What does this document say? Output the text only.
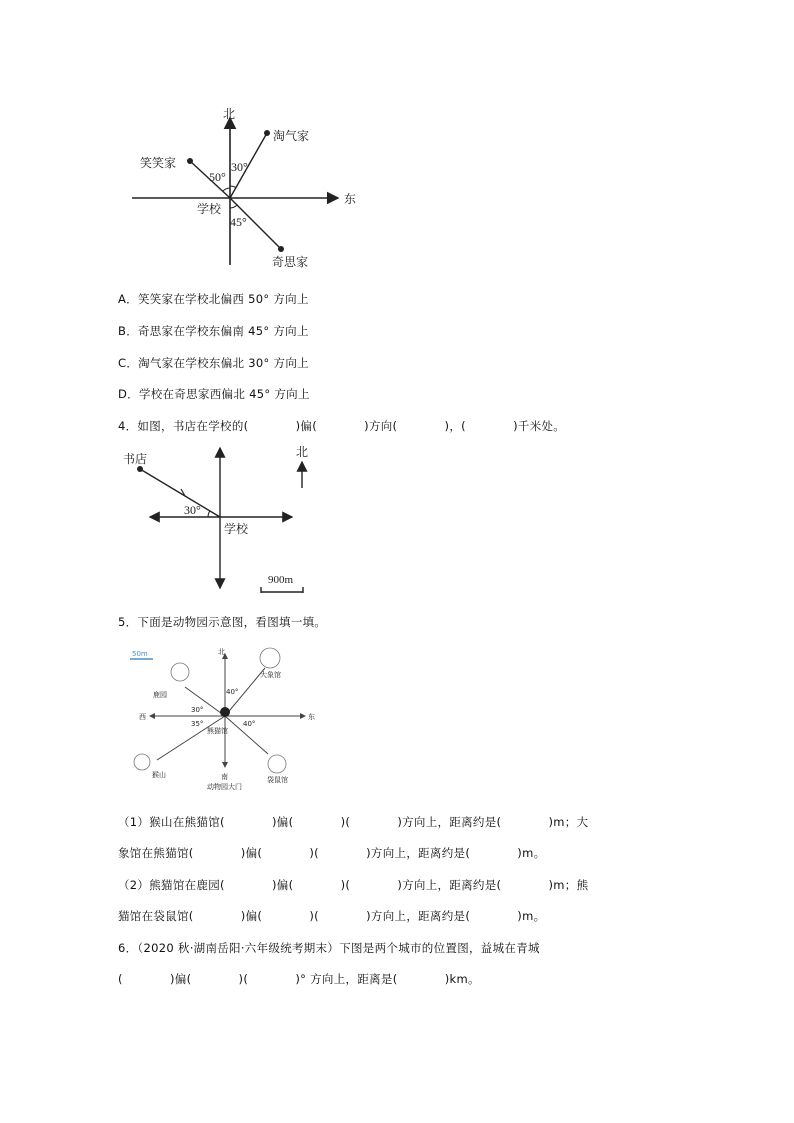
北
东
淘气家
笑笑家
奇思家
学校
30°
50°
45°
A．笑笑家在学校北偏西 50° 方向上
B．奇思家在学校东偏南 45° 方向上
C．淘气家在学校东偏北 30° 方向上
D．学校在奇思家西偏北 45° 方向上
4．如图，书店在学校的(　　　　)偏(　　　　)方向(　　　　)，(　　　　)千米处。
书店
学校
北
30°
900m
5．下面是动物园示意图，看图填一填。
50m	北
西	东
南
动物园大门
鹿园
大象馆
熊猫馆
猴山
袋鼠馆
40°
30°
35°	40°
（1）猴山在熊猫馆(　　　　)偏(　　　　)(　　　　)方向上，距离约是(　　　　)m；大
象馆在熊猫馆(　　　　)偏(　　　　)(　　　　)方向上，距离约是(　　　　)m。
（2）熊猫馆在鹿园(　　　　)偏(　　　　)(　　　　)方向上，距离约是(　　　　)m；熊
猫馆在袋鼠馆(　　　　)偏(　　　　)(　　　　)方向上，距离约是(　　　　)m。
6．（2020 秋·湖南岳阳·六年级统考期末）下图是两个城市的位置图，益城在青城
(　　　　)偏(　　　　)(　　　　)° 方向上，距离是(　　　　)km。
